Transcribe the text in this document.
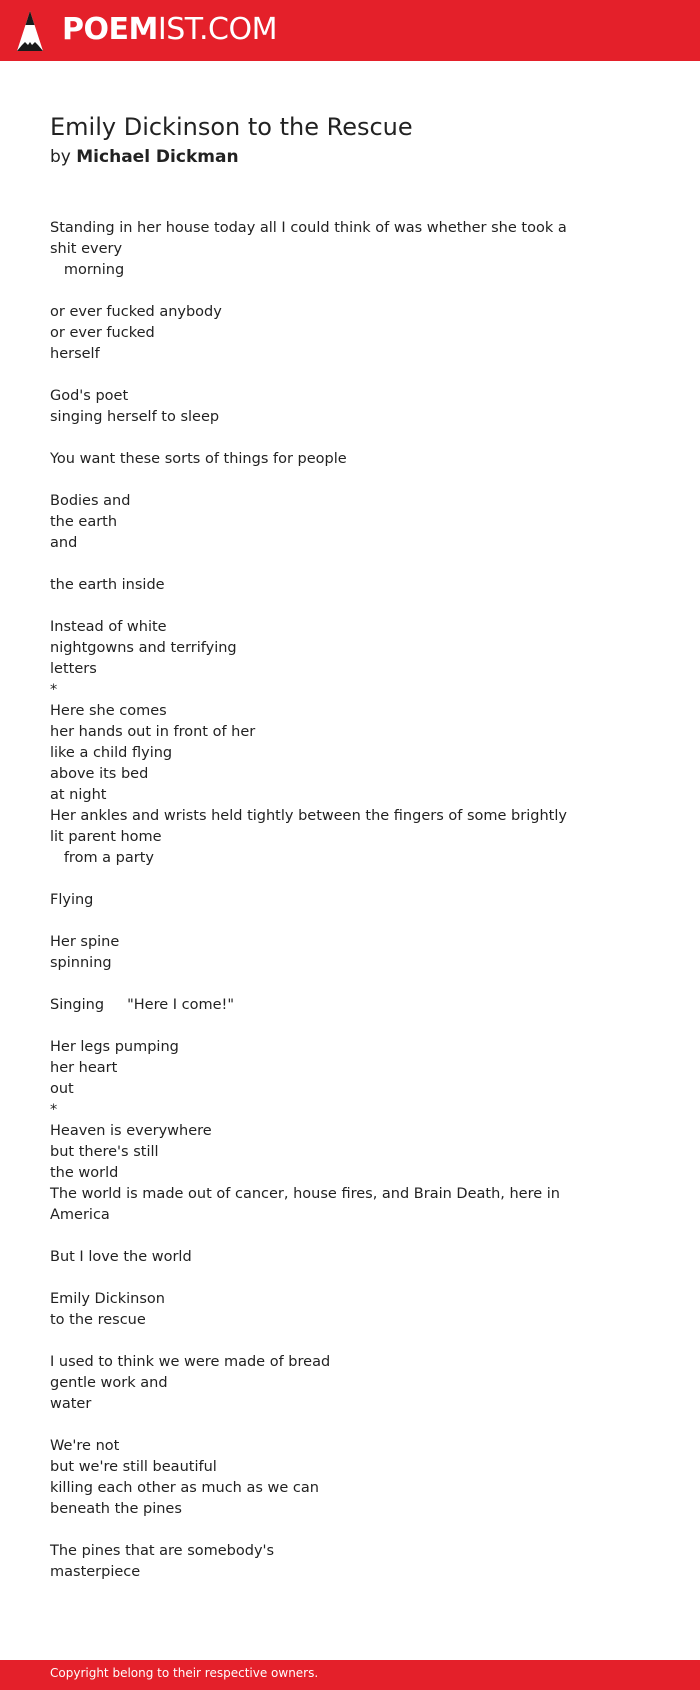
POEMIST.COM
Emily Dickinson to the Rescue
by Michael Dickman
Standing in her house today all I could think of was whether she took a shit every
morning
or ever fucked anybody
or ever fucked
herself
God's poet
singing herself to sleep
You want these sorts of things for people
Bodies and
the earth
and
the earth inside
Instead of white
nightgowns and terrifying
letters
*
Here she comes
her hands out in front of her
like a child flying
above its bed
at night
Her ankles and wrists held tightly between the fingers of some brightly lit parent home
from a party
Flying
Her spine
spinning
Singing     "Here I come!"
Her legs pumping
her heart
out
*
Heaven is everywhere
but there's still
the world
The world is made out of cancer, house fires, and Brain Death, here in America
But I love the world
Emily Dickinson
to the rescue
I used to think we were made of bread
gentle work and
water
We're not
but we're still beautiful
killing each other as much as we can
beneath the pines
The pines that are somebody's
masterpiece
Copyright belong to their respective owners.
